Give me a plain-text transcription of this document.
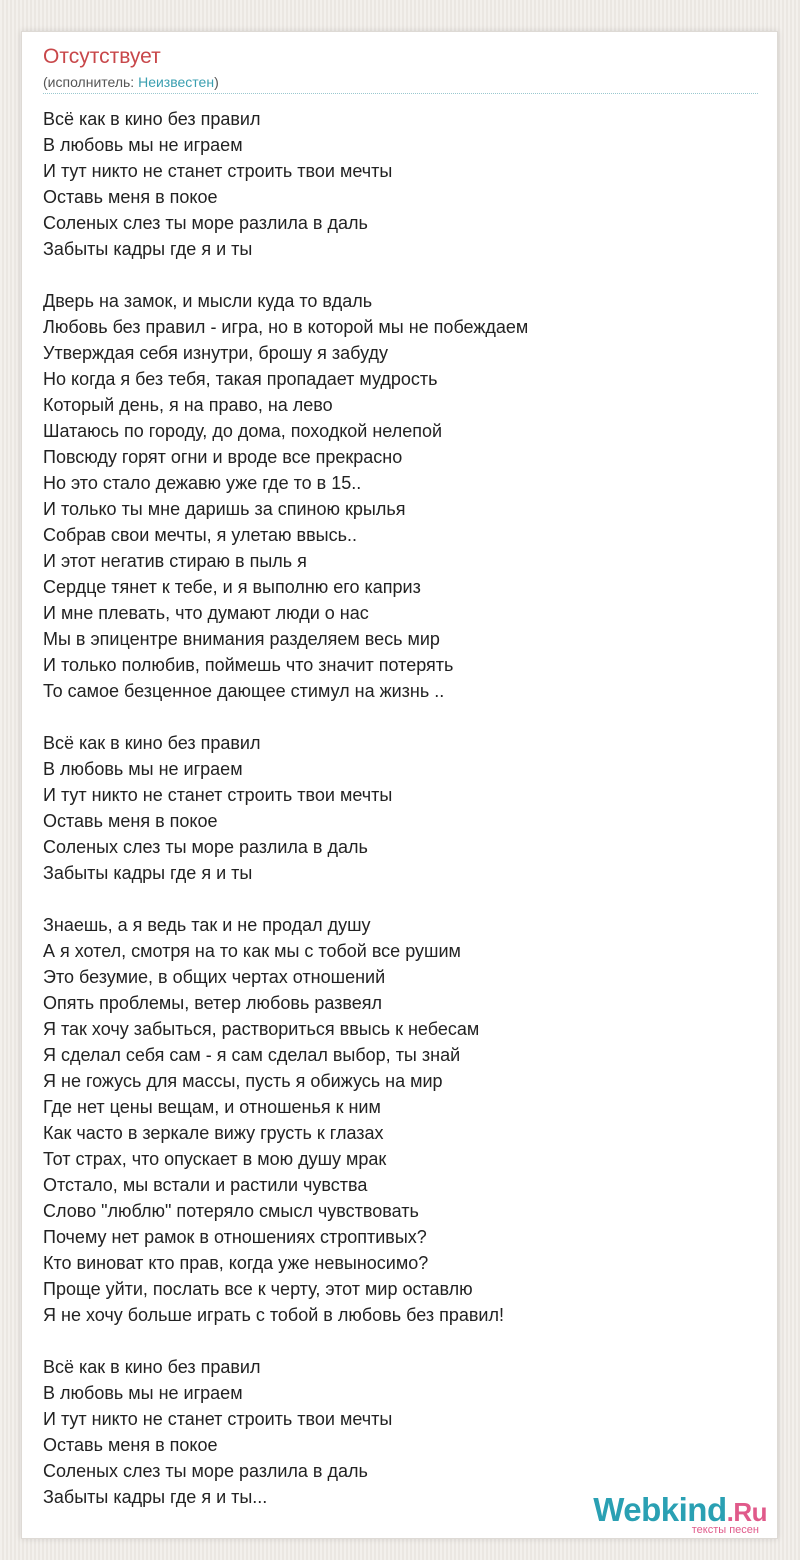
Отсутствует
(исполнитель: Неизвестен)
Всё как в кино без правил
В любовь мы не играем
И тут никто не станет строить твои мечты
Оставь меня в покое
Соленых слез ты море разлила в даль
Забыты кадры где я и ты
Дверь на замок, и мысли куда то вдаль
Любовь без правил - игра, но в которой мы не побеждаем
Утверждая себя изнутри, брошу я забуду
Но когда я без тебя, такая пропадает мудрость
Который день, я на право, на лево
Шатаюсь по городу, до дома, походкой нелепой
Повсюду горят огни и вроде все прекрасно
Но это стало дежавю уже где то в 15..
И только ты мне даришь за спиною крылья
Собрав свои мечты, я улетаю ввысь..
И этот негатив стираю в пыль я
Сердце тянет к тебе, и я выполню его каприз
И мне плевать, что думают люди о нас
Мы в эпицентре внимания разделяем весь мир
И только полюбив, поймешь что значит потерять
То самое безценное дающее стимул на жизнь ..
Всё как в кино без правил
В любовь мы не играем
И тут никто не станет строить твои мечты
Оставь меня в покое
Соленых слез ты море разлила в даль
Забыты кадры где я и ты
Знаешь, а я ведь так и не продал душу
А я хотел, смотря на то как мы с тобой все рушим
Это безумие, в общих чертах отношений
Опять проблемы, ветер любовь развеял
Я так хочу забыться, раствориться ввысь к небесам
Я сделал себя сам - я сам сделал выбор, ты знай
Я не гожусь для массы, пусть я обижусь на мир
Где нет цены вещам, и отношенья к ним
Как часто в зеркале вижу грусть к глазах
Тот страх, что опускает в мою душу мрак
Отстало, мы встали и растили чувства
Слово "люблю" потеряло смысл чувствовать
Почему нет рамок в отношениях строптивых?
Кто виноват кто прав, когда уже невыносимо?
Проще уйти, послать все к черту, этот мир оставлю
Я не хочу больше играть с тобой в любовь без правил!
Всё как в кино без правил
В любовь мы не играем
И тут никто не станет строить твои мечты
Оставь меня в покое
Соленых слез ты море разлила в даль
Забыты кадры где я и ты...	Webkind.Ru
тексты песен
